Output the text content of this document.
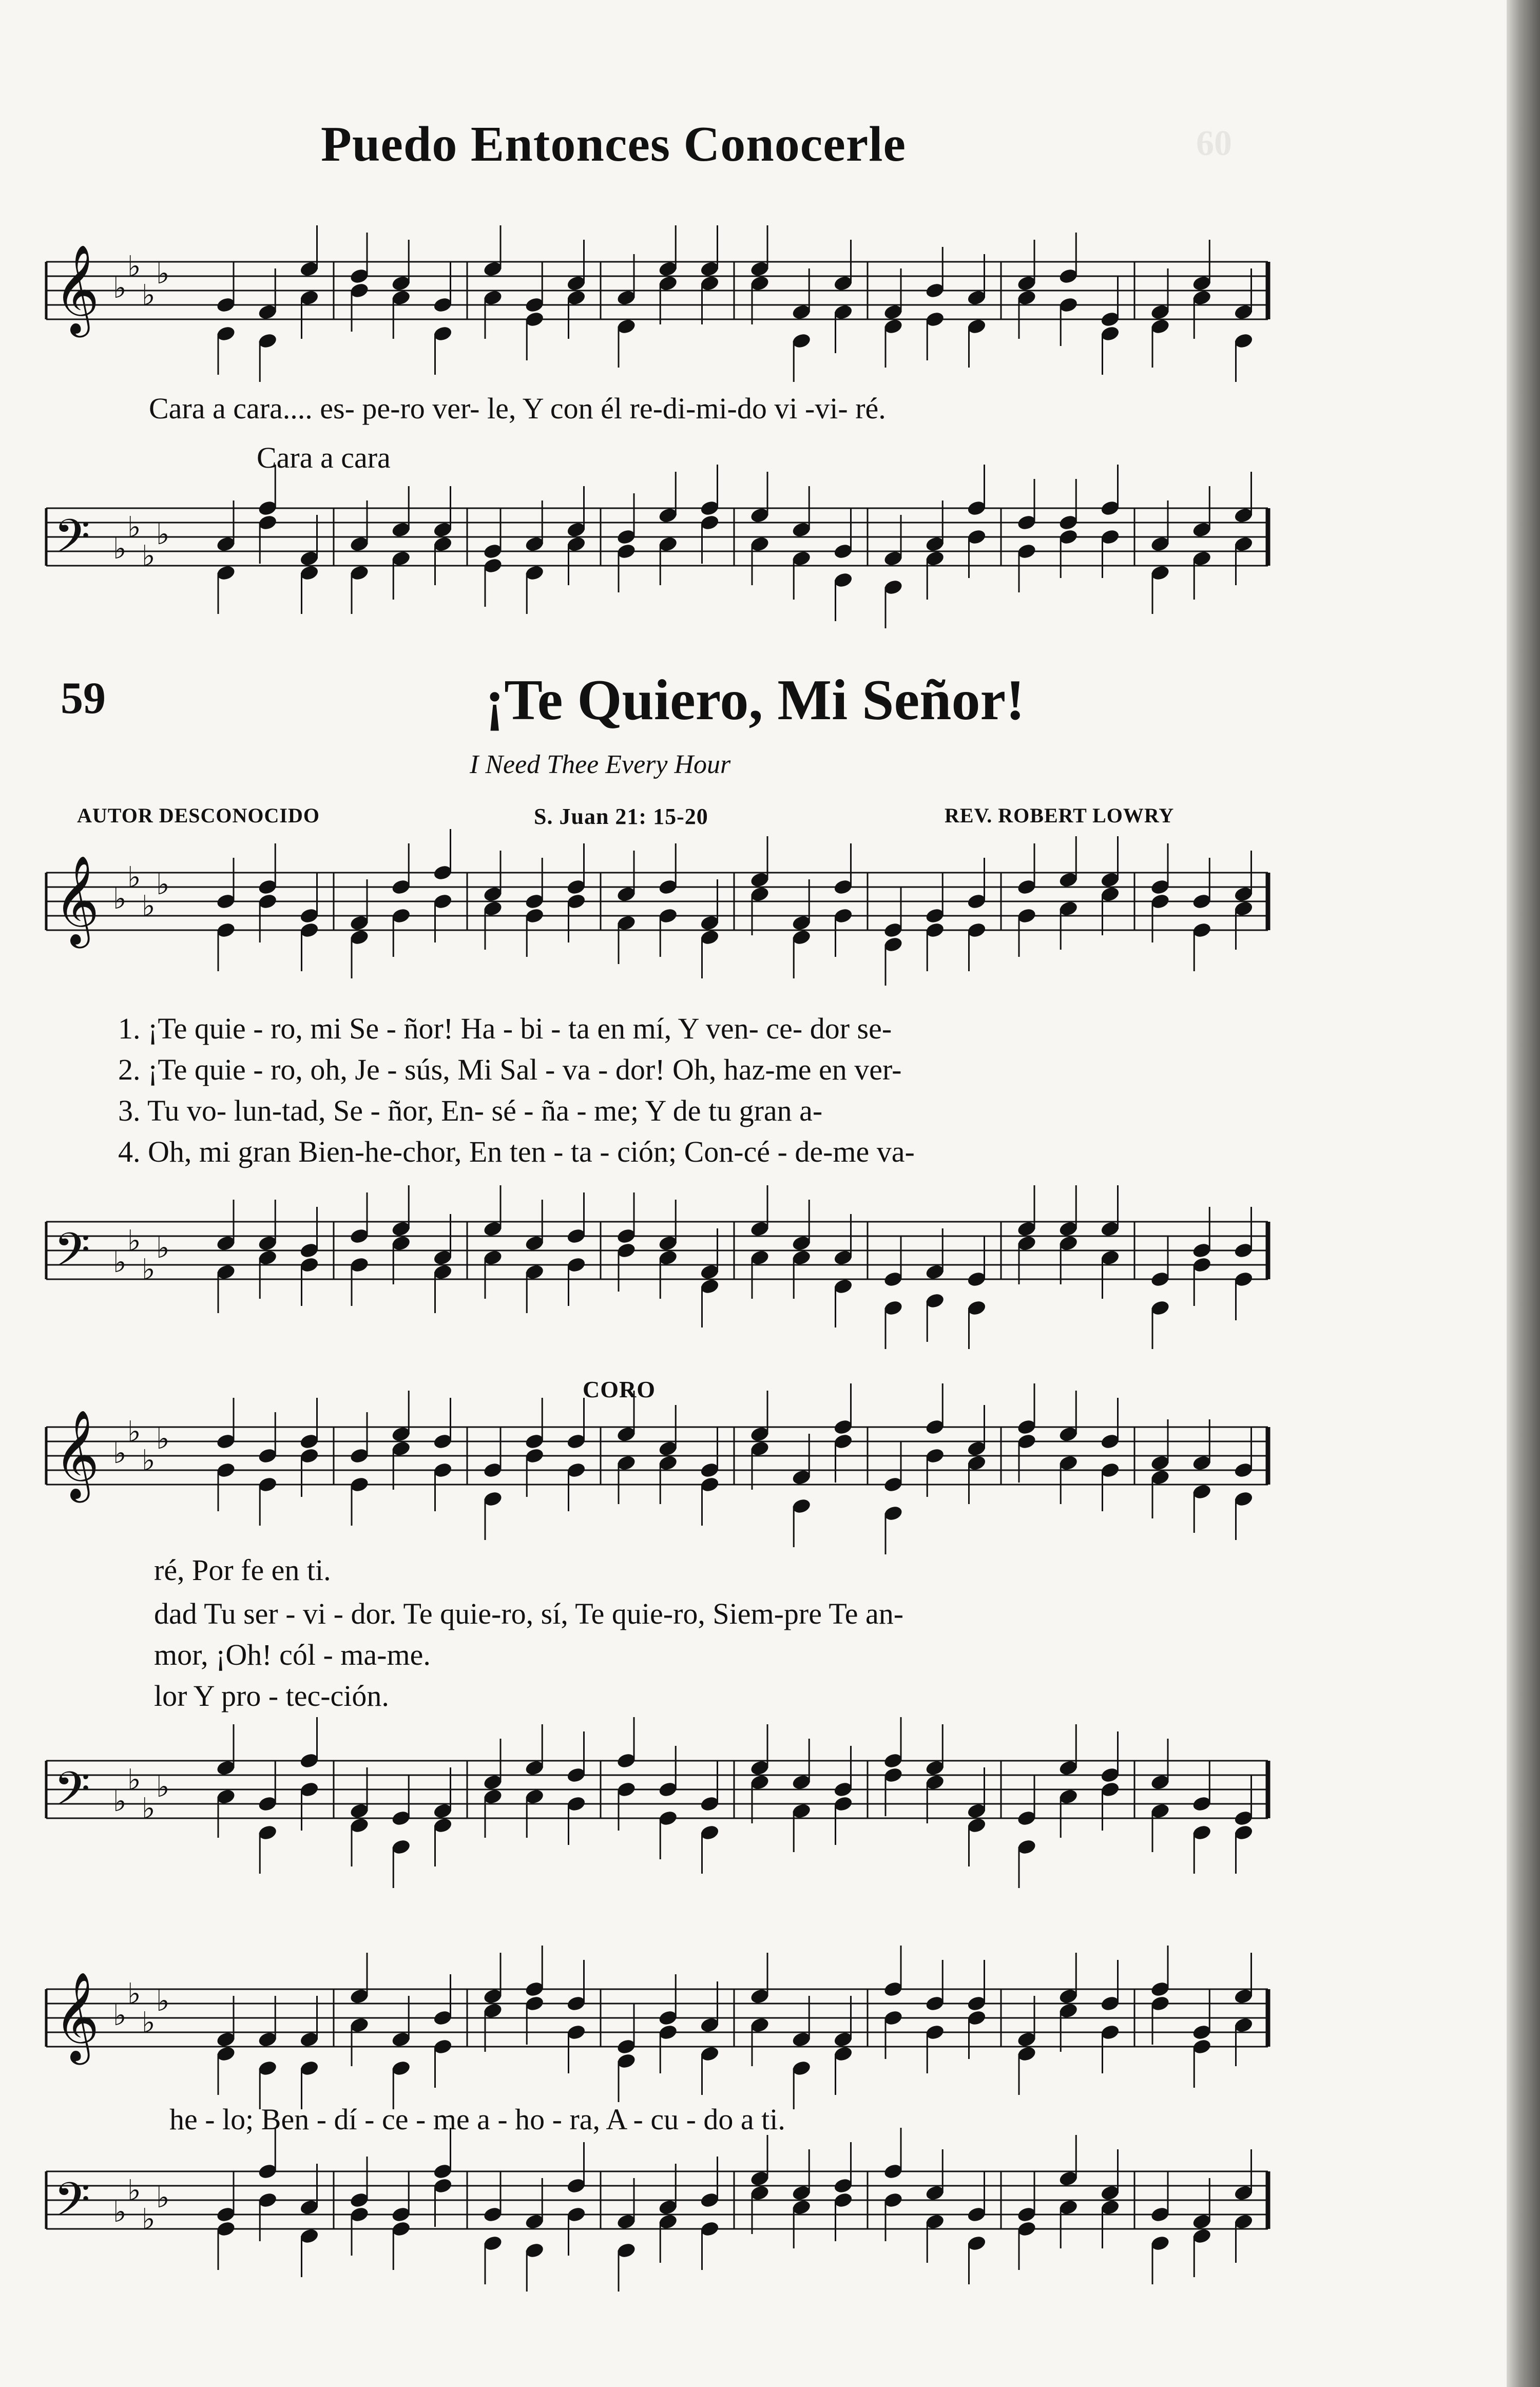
60
Puedo Entonces Conocerle
𝄞 ♭
♭
♭
♭
Cara a cara.... es- pe-ro ver- le, Y con él re-di-mi-do vi -vi- ré.
Cara a cara
𝄢 ♭
♭
♭
♭
59	¡Te Quiero, Mi Señor!
I Need Thee Every Hour
AUTOR DESCONOCIDO	S. Juan 21: 15-20	REV. ROBERT LOWRY
𝄞 ♭
♭
♭
♭
1. ¡Te quie - ro, mi Se - ñor! Ha - bi - ta en mí, Y ven- ce- dor se-
2. ¡Te quie - ro, oh, Je - sús, Mi Sal - va - dor! Oh, haz-me en ver-
3. Tu vo- lun-tad, Se - ñor, En- sé - ña - me; Y de tu gran a-
4. Oh, mi gran Bien-he-chor, En ten - ta - ción; Con-cé - de-me va-
𝄢 ♭
♭
♭
♭
CORO
𝄞 ♭
♭
♭
♭
ré, Por fe en ti.
dad Tu ser - vi - dor. Te quie-ro, sí, Te quie-ro, Siem-pre Te an-
mor, ¡Oh! cól - ma-me.
lor Y pro - tec-ción.
𝄢 ♭
♭
♭
♭
𝄞 ♭
♭
♭
♭
he - lo; Ben - dí - ce - me a - ho - ra, A - cu - do a ti.
𝄢 ♭
♭
♭
♭
